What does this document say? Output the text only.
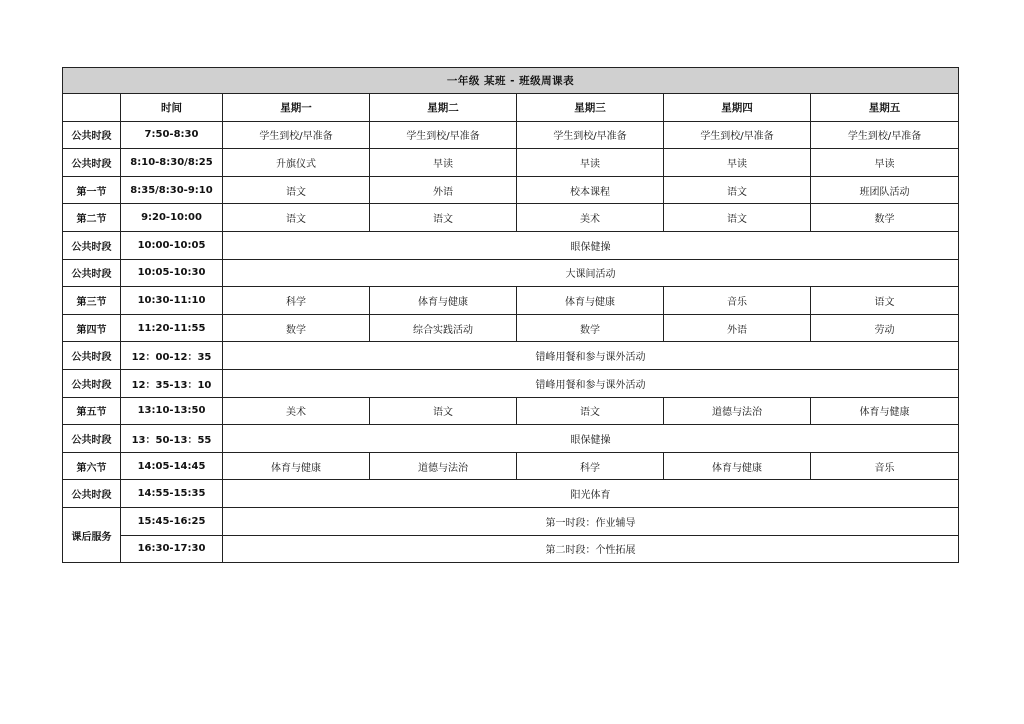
一年级 某班 - 班级周课表						
	时间	星期一	星期二	星期三	星期四	星期五
公共时段	7:50-8:30	学生到校/早准备	学生到校/早准备	学生到校/早准备	学生到校/早准备	学生到校/早准备
公共时段	8:10-8:30/8:25	升旗仪式	早读	早读	早读	早读
第一节	8:35/8:30-9:10	语文	外语	校本课程	语文	班团队活动
第二节	9:20-10:00	语文	语文	美术	语文	数学
公共时段	10:00-10:05	眼保健操				
公共时段	10:05-10:30	大课间活动				
第三节	10:30-11:10	科学	体育与健康	体育与健康	音乐	语文
第四节	11:20-11:55	数学	综合实践活动	数学	外语	劳动
公共时段	12：00-12：35	错峰用餐和参与课外活动				
公共时段	12：35-13：10	错峰用餐和参与课外活动				
第五节	13:10-13:50	美术	语文	语文	道德与法治	体育与健康
公共时段	13：50-13：55	眼保健操				
第六节	14:05-14:45	体育与健康	道德与法治	科学	体育与健康	音乐
公共时段	14:55-15:35	阳光体育				
课后服务	15:45-16:25	第一时段：作业辅导				
	16:30-17:30	第二时段：个性拓展				
